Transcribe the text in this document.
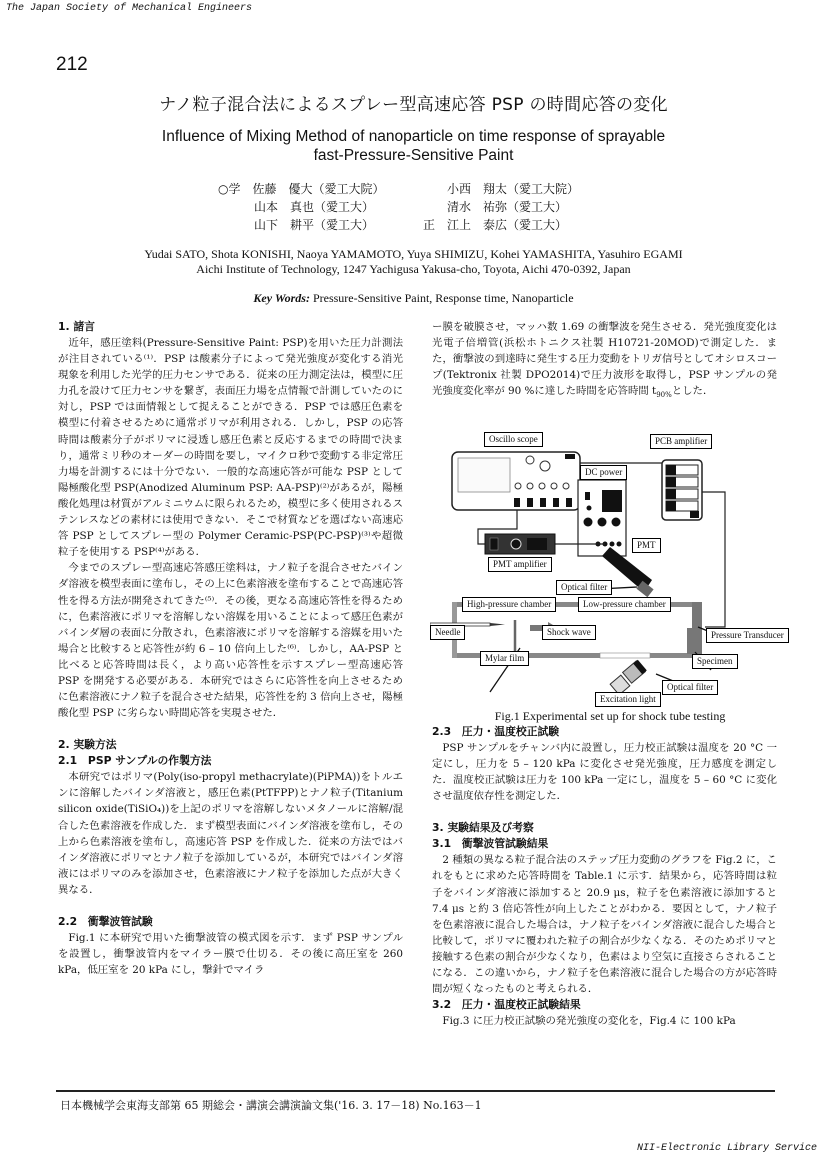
The Japan Society of Mechanical Engineers
212
ナノ粒子混合法によるスプレー型高速応答 PSP の時間応答の変化
Influence of Mixing Method of nanoparticle on time response of sprayable
fast-Pressure-Sensitive Paint
○学　佐藤　優大（愛工大院）
　　　山本　真也（愛工大）
　　　山下　耕平（愛工大）
　　小西　翔太（愛工大院）
　　清水　祐弥（愛工大）
正　江上　泰広（愛工大）
Yudai SATO, Shota KONISHI, Naoya YAMAMOTO, Yuya SHIMIZU, Kohei YAMASHITA, Yasuhiro EGAMI
Aichi Institute of Technology, 1247 Yachigusa Yakusa-cho, Toyota, Aichi 470-0392, Japan
Key Words: Pressure-Sensitive Paint, Response time, Nanoparticle
1. 諸言

近年，感圧塗料(Pressure-Sensitive Paint: PSP)を用いた圧力計測法が注目されている⁽¹⁾．PSP は酸素分子によって発光強度が変化する消光現象を利用した光学的圧力センサである．従来の圧力測定法は，模型に圧力孔を設けて圧力センサを繋ぎ，表面圧力場を点情報で計測していたのに対し，PSP では面情報として捉えることができる．PSP では感圧色素を模型に付着させるために通常ポリマが利用される．しかし，PSP の応答時間は酸素分子がポリマに浸透し感圧色素と反応するまでの時間で決まり，通常ミリ秒のオーダーの時間を要し，マイクロ秒で変動する非定常圧力場を計測するには十分でない．一般的な高速応答が可能な PSP として陽極酸化型 PSP(Anodized Aluminum PSP: AA-PSP)⁽²⁾があるが，陽極酸化処理は材質がアルミニウムに限られるため，模型に多く使用されるステンレスなどの素材には使用できない．そこで材質などを選ばない高速応答 PSP としてスプレー型の Polymer Ceramic-PSP(PC-PSP)⁽³⁾や超微粒子を使用する PSP⁽⁴⁾がある．

今までのスプレー型高速応答感圧塗料は，ナノ粒子を混合させたバインダ溶液を模型表面に塗布し，その上に色素溶液を塗布することで高速応答性を得る方法が開発されてきた⁽⁵⁾．その後，更なる高速応答性を得るために，色素溶液にポリマを溶解しない溶媒を用いることによって感圧色素がバインダ層の表面に分散され，色素溶液にポリマを溶解する溶媒を用いた場合と比較すると応答性が約 6 – 10 倍向上した⁽⁶⁾．しかし，AA-PSP と比べると応答時間は長く，より高い応答性を示すスプレー型高速応答 PSP を開発する必要がある．本研究ではさらに応答性を向上させるために色素溶液にナノ粒子を混合させた結果，応答性を約 3 倍向上させ，陽極酸化型 PSP に劣らない時間応答を実現させた．

2. 実験方法
2.1　PSP サンプルの作製方法

本研究ではポリマ(Poly(iso-propyl methacrylate)(PiPMA))をトルエンに溶解したバインダ溶液と，感圧色素(PtTFPP)とナノ粒子(Titanium silicon oxide(TiSiO₄))を上記のポリマを溶解しないメタノールに溶解/混合した色素溶液を作成した．まず模型表面にバインダ溶液を塗布し，その上から色素溶液を塗布し，高速応答 PSP を作成した．従来の方法ではバインダ溶液にポリマとナノ粒子を添加しているが，本研究ではバインダ溶液にはポリマのみを添加させ，色素溶液にナノ粒子を添加した点が大きく異なる．

2.2　衝撃波管試験

Fig.1 に本研究で用いた衝撃波管の模式図を示す．まず PSP サンプルを設置し，衝撃波管内をマイラー膜で仕切る．その後に高圧室を 260 kPa，低圧室を 20 kPa にし，撃針でマイラ

ー膜を破膜させ，マッハ数 1.69 の衝撃波を発生させる．発光強度変化は光電子倍増管(浜松ホトニクス社製 H10721-20MOD)で測定した．また，衝撃波の到達時に発生する圧力変動をトリガ信号としてオシロスコープ(Tektronix 社製 DPO2014)で圧力波形を取得し，PSP サンプルの発光強度変化率が 90 %に達した時間を応答時間 $t_{90\%}$とした．
Oscillo scope	PCB amplifier
DC power
PMT
PMT amplifier
Optical filter
High-pressure chamber	Low-pressure chamber
Needle	Shock wave	Pressure Transducer
Mylar film	Specimen
Optical filter
Excitation light
Fig.1 Experimental set up for shock tube testing
2.3　圧力・温度校正試験

PSP サンプルをチャンバ内に設置し，圧力校正試験は温度を 20 °C 一定にし，圧力を 5 – 120 kPa に変化させ発光強度，圧力感度を測定した．温度校正試験は圧力を 100 kPa 一定にし，温度を 5 – 60 °C に変化させ温度依存性を測定した．

3. 実験結果及び考察
3.1　衝撃波管試験結果

2 種類の異なる粒子混合法のステップ圧力変動のグラフを Fig.2 に，これをもとに求めた応答時間を Table.1 に示す．結果から，応答時間は粒子をバインダ溶液に添加すると 20.9 μs，粒子を色素溶液に添加すると 7.4 μs と約 3 倍応答性が向上したことがわかる．要因として，ナノ粒子を色素溶液に混合した場合は，ナノ粒子をバインダ溶液に混合した場合と比較して，ポリマに覆われた粒子の割合が少なくなる．そのためポリマと接触する色素の割合が少なくなり，色素はより空気に直接さらされることになる．この違いから，ナノ粒子を色素溶液に混合した場合の方が応答時間が短くなったものと考えられる．

3.2　圧力・温度校正試験結果

Fig.3 に圧力校正試験の発光強度の変化を，Fig.4 に 100 kPa

日本機械学会東海支部第 65 期総会・講演会講演論文集('16. 3. 17－18) No.163－1
NII-Electronic Library Service
